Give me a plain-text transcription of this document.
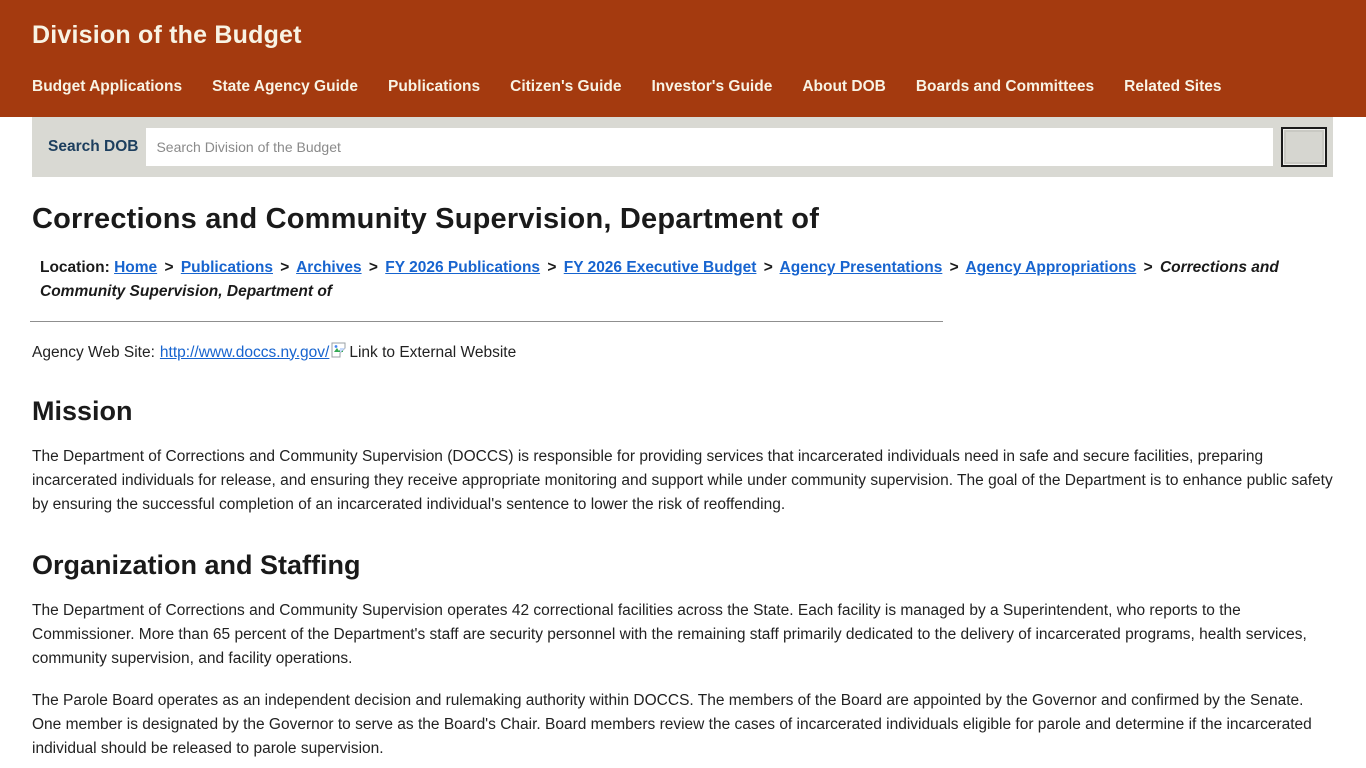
Division of the Budget
Budget Applications State Agency Guide Publications Citizen's Guide Investor's Guide About DOB Boards and Committees Related Sites
Search DOB
Search Division of the Budget
Corrections and Community Supervision, Department of
Location: Home > Publications > Archives > FY 2026 Publications > FY 2026 Executive Budget > Agency Presentations > Agency Appropriations > Corrections and Community Supervision, Department of
Agency Web Site: http://www.doccs.ny.gov/ Link to External Website
Mission

The Department of Corrections and Community Supervision (DOCCS) is responsible for providing services that incarcerated individuals need in safe and secure facilities, preparing incarcerated individuals for release, and ensuring they receive appropriate monitoring and support while under community supervision. The goal of the Department is to enhance public safety by ensuring the successful completion of an incarcerated individual's sentence to lower the risk of reoffending.

Organization and Staffing

The Department of Corrections and Community Supervision operates 42 correctional facilities across the State. Each facility is managed by a Superintendent, who reports to the Commissioner. More than 65 percent of the Department's staff are security personnel with the remaining staff primarily dedicated to the delivery of incarcerated programs, health services, community supervision, and facility operations.

The Parole Board operates as an independent decision and rulemaking authority within DOCCS. The members of the Board are appointed by the Governor and confirmed by the Senate. One member is designated by the Governor to serve as the Board's Chair. Board members review the cases of incarcerated individuals eligible for parole and determine if the incarcerated individual should be released to parole supervision.
